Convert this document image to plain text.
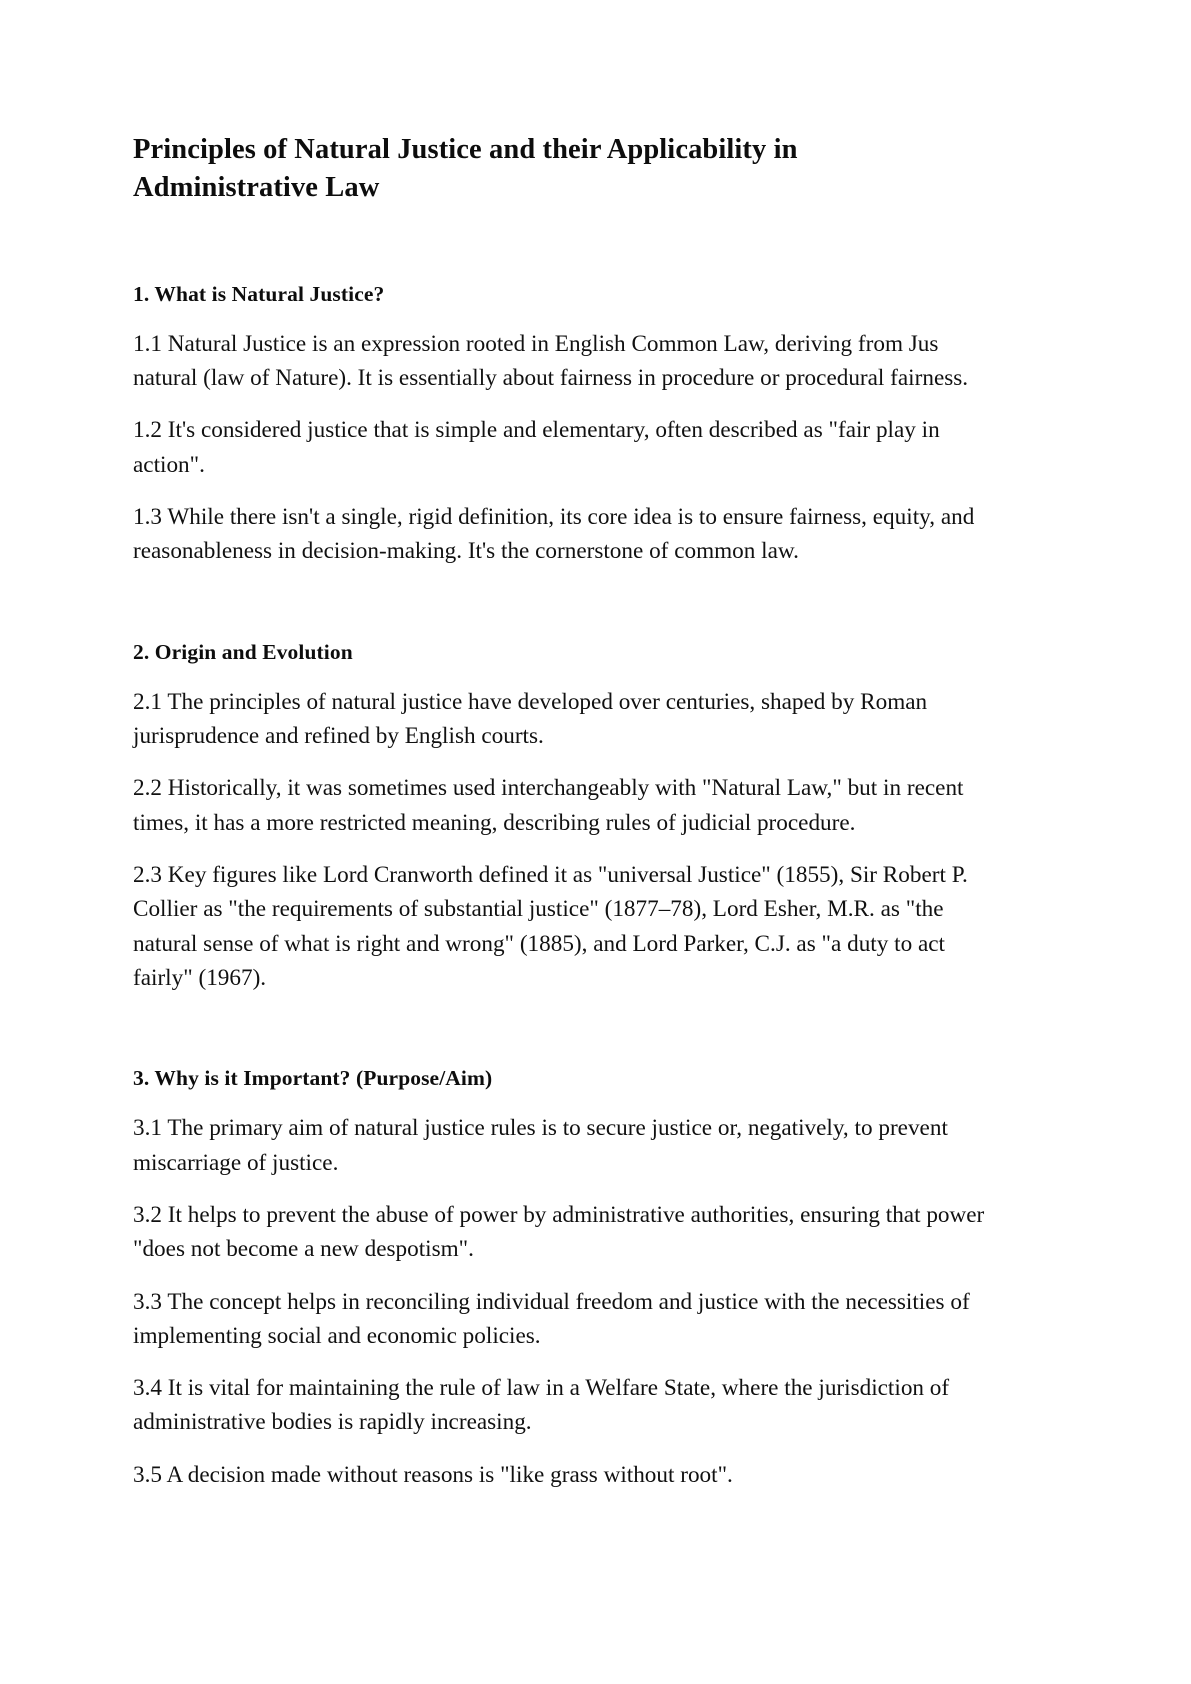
Principles of Natural Justice and their Applicability in Administrative Law
1. What is Natural Justice?

1.1 Natural Justice is an expression rooted in English Common Law, deriving from Jus natural (law of Nature). It is essentially about fairness in procedure or procedural fairness.

1.2 It's considered justice that is simple and elementary, often described as "fair play in action".

1.3 While there isn't a single, rigid definition, its core idea is to ensure fairness, equity, and reasonableness in decision-making. It's the cornerstone of common law.

2. Origin and Evolution

2.1 The principles of natural justice have developed over centuries, shaped by Roman jurisprudence and refined by English courts.

2.2 Historically, it was sometimes used interchangeably with "Natural Law," but in recent times, it has a more restricted meaning, describing rules of judicial procedure.

2.3 Key figures like Lord Cranworth defined it as "universal Justice" (1855), Sir Robert P. Collier as "the requirements of substantial justice" (1877–78), Lord Esher, M.R. as "the natural sense of what is right and wrong" (1885), and Lord Parker, C.J. as "a duty to act fairly" (1967).

3. Why is it Important? (Purpose/Aim)

3.1 The primary aim of natural justice rules is to secure justice or, negatively, to prevent miscarriage of justice.

3.2 It helps to prevent the abuse of power by administrative authorities, ensuring that power "does not become a new despotism".

3.3 The concept helps in reconciling individual freedom and justice with the necessities of implementing social and economic policies.

3.4 It is vital for maintaining the rule of law in a Welfare State, where the jurisdiction of administrative bodies is rapidly increasing.

3.5 A decision made without reasons is "like grass without root".
